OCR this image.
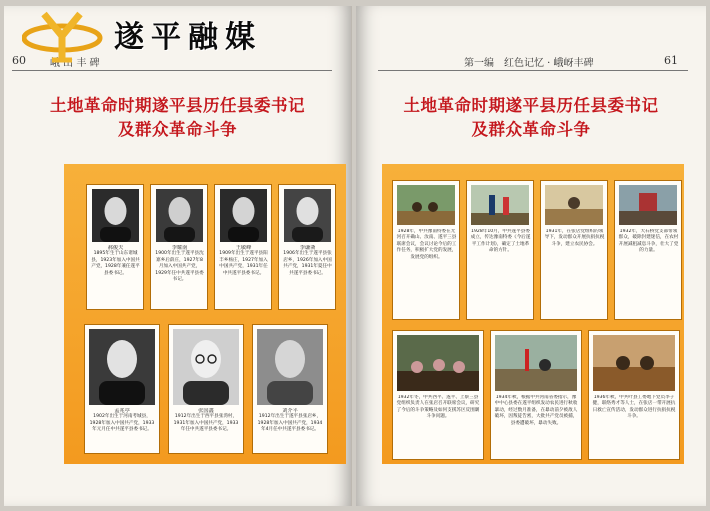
60 峨 山 丰 碑
土地革命时期遂平县历任县委书记
及群众革命斗争
郝俊夫
1895年生于山东诸城县，1923年加入中国共产党，1928年兼任遂平县委书记。
李耀南
1900年出生于遂平县沈寨乡后薛庄，1927年8月加入中国共产党，1929年任中共遂平县委书记。
王敏峰
1909年出生于遂平县阳丰乡杨庄，1927年加入中国共产党，1931年任中共遂平县委书记。
李谦斋
1906年出生于遂平县张店乡，1926年加入中国共产党，1931年夏任中共遂平县委书记。
孟兆亭
1902年出生于河南考城县，1928年加入中国共产党，1933年元月任中共遂平县委书记。
张国鑫
1912年出生于西平县张湾村，1931年加入中国共产党，1933年任中共遂平县委书记。
刘介平
1912年出生于遂平县张店乡，1928年加入中国共产党，1934年4月任中共遂平县委书记。
第一编　红色记忆 · 峨岈丰碑	61
土地革命时期遂平县历任县委书记
及群众革命斗争
1928年，中共豫南特委在尤河召开确山、汝南、遂平三县联席会议，会议讨论今后的工作任务，积极扩大党的发展，发展党的组织。
1928年10月，中共遂平县委成立，传达豫南特委《今后遂平工作计划》，确定了土地革命的方针。
1931年，在张店党组织的领导下，发动群众开展抗捐抗税斗争，建立农民协会。
1932年，大石桥党支部带领群众，破除封建迷信，在农村开展减租减息斗争，壮大了党的力量。
1932年冬，中共西平、遂平、上蔡三县党组织负责人在张店召开联席会议，研究了今后的斗争策略及如何支援苏区反围剿斗争问题。
1934年秋，根据中共河南省委指示，豫中中心县委在遂平组织发动农民进行秋收暴动，经过数月准备，在暴动前夕被敌人破坏，因叛徒告密，大批共产党员被捕，县委遭破坏，暴动失败。
1936年秋，中共叶县工委地下党员李子健，联络秀才等人士，在张店一带开展抗日救亡宣传活动，发动群众进行抗捐抗税斗争。
遂平融媒
